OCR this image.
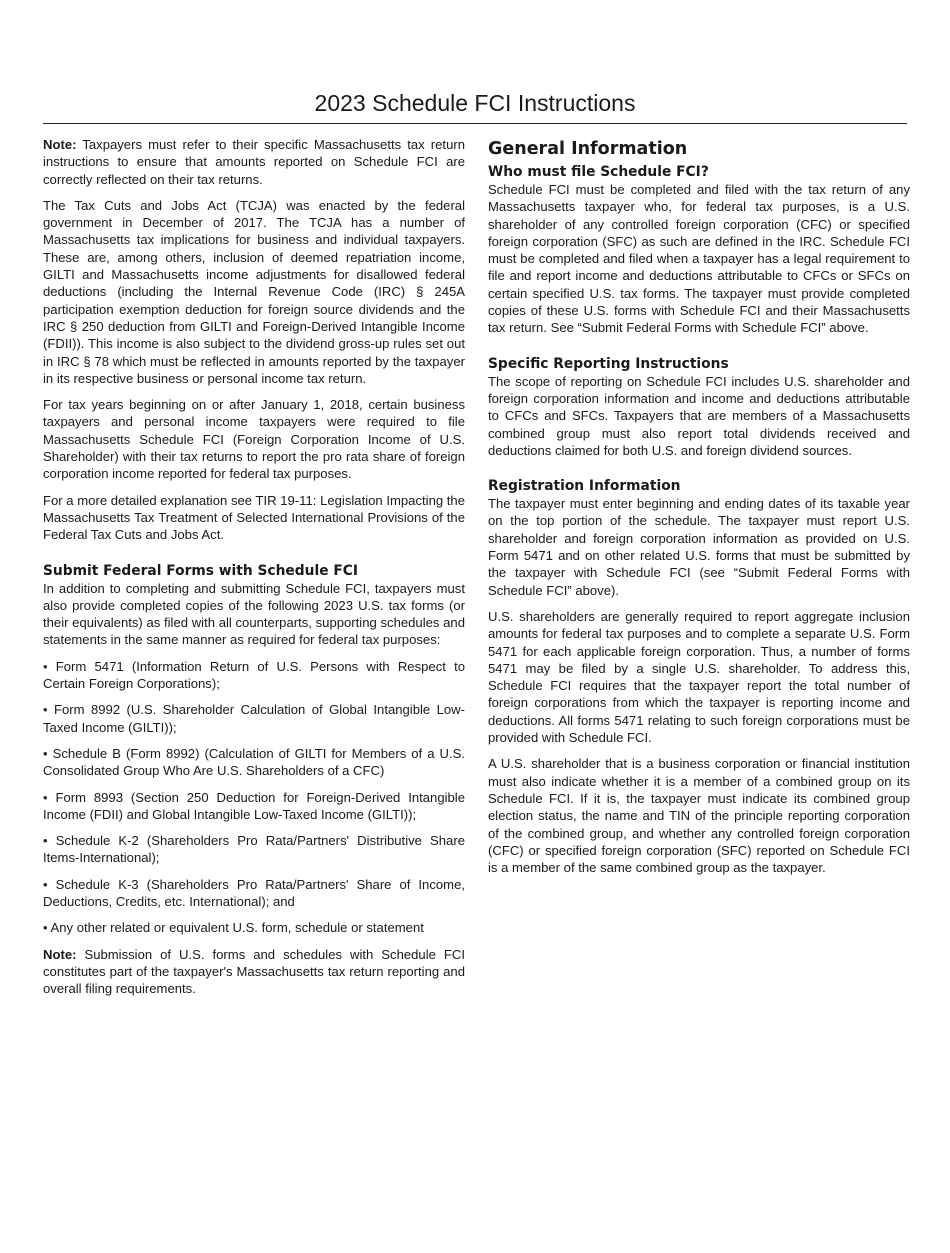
2023 Schedule FCI Instructions

Note: Taxpayers must refer to their specific Massachusetts tax return instructions to ensure that amounts reported on Schedule FCI are correctly reflected on their tax returns.

The Tax Cuts and Jobs Act (TCJA) was enacted by the federal government in December of 2017. The TCJA has a number of Massachusetts tax implications for business and individual taxpayers. These are, among others, inclusion of deemed repatriation income, GILTI and Massachusetts income adjustments for disallowed federal deductions (including the Internal Revenue Code (IRC) § 245A participation exemption deduction for foreign source dividends and the IRC § 250 deduction from GILTI and Foreign-Derived Intangible Income (FDII)). This income is also subject to the dividend gross-up rules set out in IRC § 78 which must be reflected in amounts reported by the taxpayer in its respective business or personal income tax return.

For tax years beginning on or after January 1, 2018, certain business taxpayers and personal income taxpayers were required to file Massachusetts Schedule FCI (Foreign Corporation Income of U.S. Shareholder) with their tax returns to report the pro rata share of foreign corporation income reported for federal tax purposes.

For a more detailed explanation see TIR 19-11: Legislation Impacting the Massachusetts Tax Treatment of Selected International Provisions of the Federal Tax Cuts and Jobs Act.

Submit Federal Forms with Schedule FCI

In addition to completing and submitting Schedule FCI, taxpayers must also provide completed copies of the following 2023 U.S. tax forms (or their equivalents) as filed with all counterparts, supporting schedules and statements in the same manner as required for federal tax purposes:

• Form 5471 (Information Return of U.S. Persons with Respect to Certain Foreign Corporations);

• Form 8992 (U.S. Shareholder Calculation of Global Intangible Low-Taxed Income (GILTI));

• Schedule B (Form 8992) (Calculation of GILTI for Members of a U.S. Consolidated Group Who Are U.S. Shareholders of a CFC)

• Form 8993 (Section 250 Deduction for Foreign-Derived Intangible Income (FDII) and Global Intangible Low-Taxed Income (GILTI));

• Schedule K-2 (Shareholders Pro Rata/Partners' Distributive Share Items-International);

• Schedule K-3 (Shareholders Pro Rata/Partners' Share of Income, Deductions, Credits, etc. International); and

• Any other related or equivalent U.S. form, schedule or statement

Note: Submission of U.S. forms and schedules with Schedule FCI constitutes part of the taxpayer's Massachusetts tax return reporting and overall filing requirements.

General Information
Who must file Schedule FCI?

Schedule FCI must be completed and filed with the tax return of any Massachusetts taxpayer who, for federal tax purposes, is a U.S. shareholder of any controlled foreign corporation (CFC) or specified foreign corporation (SFC) as such are defined in the IRC. Schedule FCI must be completed and filed when a taxpayer has a legal requirement to file and report income and deductions attributable to CFCs or SFCs on certain specified U.S. tax forms. The taxpayer must provide completed copies of these U.S. forms with Schedule FCI and their Massachusetts tax return. See “Submit Federal Forms with Schedule FCI” above.

Specific Reporting Instructions

The scope of reporting on Schedule FCI includes U.S. shareholder and foreign corporation information and income and deductions attributable to CFCs and SFCs. Taxpayers that are members of a Massachusetts combined group must also report total dividends received and deductions claimed for both U.S. and foreign dividend sources.

Registration Information

The taxpayer must enter beginning and ending dates of its taxable year on the top portion of the schedule. The taxpayer must report U.S. shareholder and foreign corporation information as provided on U.S. Form 5471 and on other related U.S. forms that must be submitted by the taxpayer with Schedule FCI (see “Submit Federal Forms with Schedule FCI” above).

U.S. shareholders are generally required to report aggregate inclusion amounts for federal tax purposes and to complete a separate U.S. Form 5471 for each applicable foreign corporation. Thus, a number of forms 5471 may be filed by a single U.S. shareholder. To address this, Schedule FCI requires that the taxpayer report the total number of foreign corporations from which the taxpayer is reporting income and deductions. All forms 5471 relating to such foreign corporations must be provided with Schedule FCI.

A U.S. shareholder that is a business corporation or financial institution must also indicate whether it is a member of a combined group on its Schedule FCI. If it is, the taxpayer must indicate its combined group election status, the name and TIN of the principle reporting corporation of the combined group, and whether any controlled foreign corporation (CFC) or specified foreign corporation (SFC) reported on Schedule FCI is a member of the same combined group as the taxpayer.
